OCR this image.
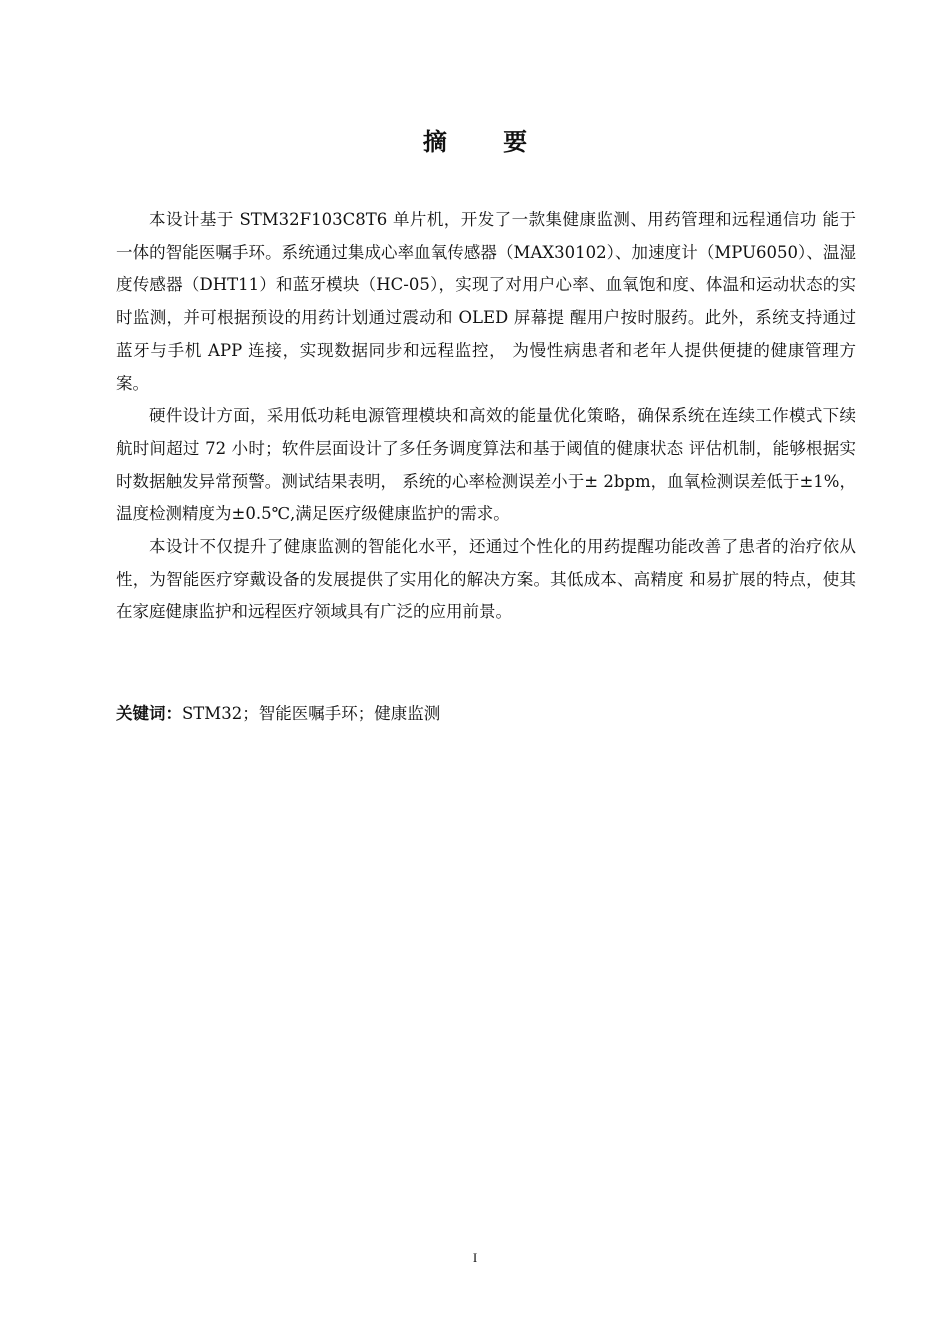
摘 要

本设计基于 STM32F103C8T6 单片机，开发了一款集健康监测、用药管理和远程通信功 能于一体的智能医嘱手环。系统通过集成心率血氧传感器（MAX30102）、加速度计（MPU6050）、温湿度传感器（DHT11）和蓝牙模块（HC-05），实现了对用户心率、血氧饱和度、体温和运动状态的实时监测，并可根据预设的用药计划通过震动和 OLED 屏幕提 醒用户按时服药。此外，系统支持通过蓝牙与手机 APP 连接，实现数据同步和远程监控， 为慢性病患者和老年人提供便捷的健康管理方案。

硬件设计方面，采用低功耗电源管理模块和高效的能量优化策略，确保系统在连续工作模式下续航时间超过 72 小时；软件层面设计了多任务调度算法和基于阈值的健康状态 评估机制，能够根据实时数据触发异常预警。测试结果表明， 系统的心率检测误差小于± 2bpm，血氧检测误差低于±1%，温度检测精度为±0.5℃,满足医疗级健康监护的需求。

本设计不仅提升了健康监测的智能化水平，还通过个性化的用药提醒功能改善了患者的治疗依从性，为智能医疗穿戴设备的发展提供了实用化的解决方案。其低成本、高精度 和易扩展的特点，使其在家庭健康监护和远程医疗领域具有广泛的应用前景。

关键词：STM32；智能医嘱手环；健康监测
I
